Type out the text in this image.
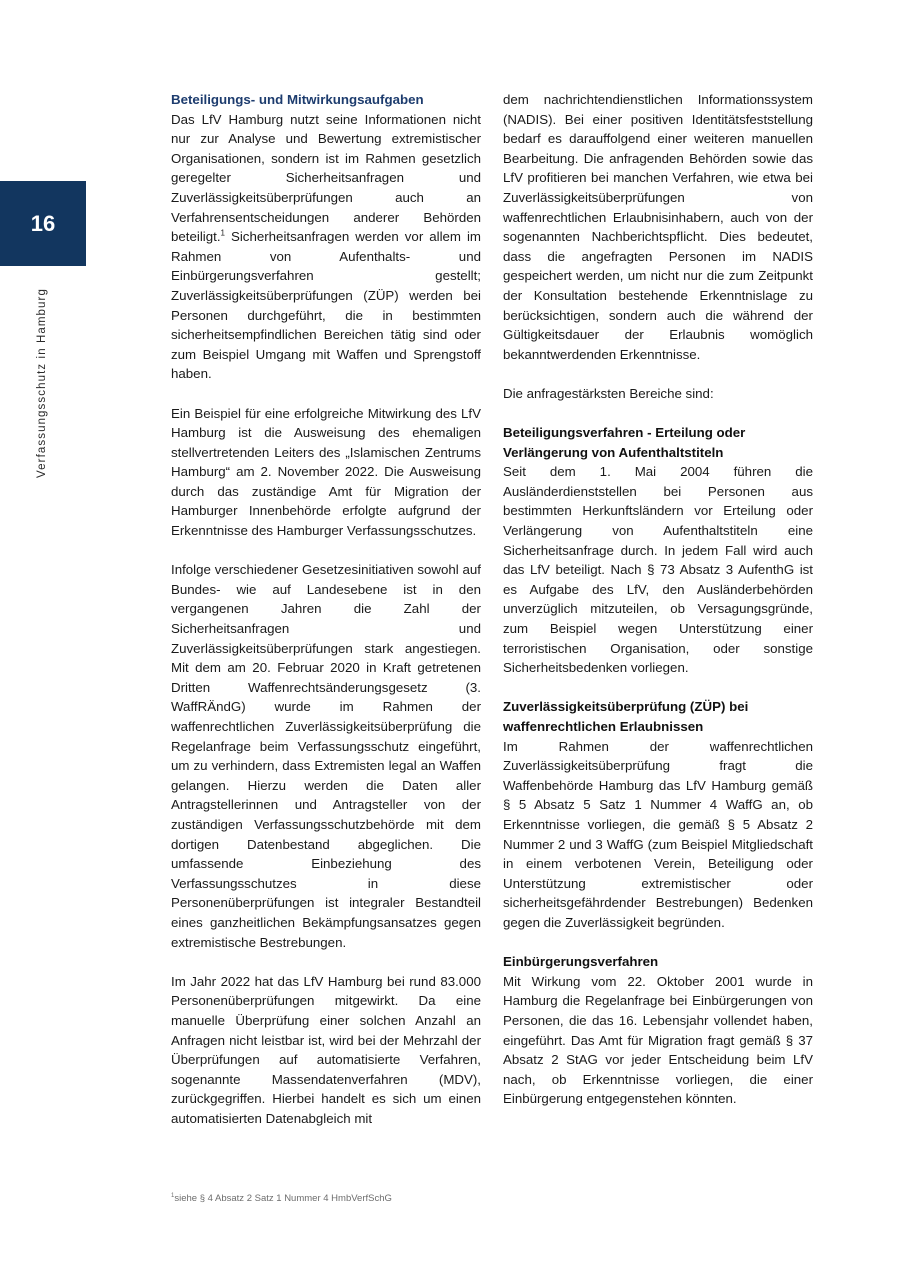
16
Verfassungsschutz in Hamburg
Beteiligungs- und Mitwirkungsaufgaben

Das LfV Hamburg nutzt seine Informationen nicht nur zur Analyse und Bewertung extremistischer Organisationen, sondern ist im Rahmen gesetzlich geregelter Sicherheitsanfragen und Zuverlässigkeitsüberprüfungen auch an Verfahrensentscheidungen anderer Behörden beteiligt.$^1$ Sicherheitsanfragen werden vor allem im Rahmen von Aufenthalts- und Einbürgerungsverfahren gestellt; Zuverlässigkeitsüberprüfungen (ZÜP) werden bei Personen durchgeführt, die in bestimmten sicherheitsempfindlichen Bereichen tätig sind oder zum Beispiel Umgang mit Waffen und Sprengstoff haben.

Ein Beispiel für eine erfolgreiche Mitwirkung des LfV Hamburg ist die Ausweisung des ehemaligen stellvertretenden Leiters des „Islamischen Zentrums Hamburg“ am 2. November 2022. Die Ausweisung durch das zuständige Amt für Migration der Hamburger Innenbehörde erfolgte aufgrund der Erkenntnisse des Hamburger Verfassungsschutzes.

Infolge verschiedener Gesetzesinitiativen sowohl auf Bundes- wie auf Landesebene ist in den vergangenen Jahren die Zahl der Sicherheitsanfragen und Zuverlässigkeitsüberprüfungen stark angestiegen. Mit dem am 20. Februar 2020 in Kraft getretenen Dritten Waffenrechtsänderungsgesetz (3. WaffRÄndG) wurde im Rahmen der waffenrechtlichen Zuverlässigkeitsüberprüfung die Regelanfrage beim Verfassungsschutz eingeführt, um zu verhindern, dass Extremisten legal an Waffen gelangen. Hierzu werden die Daten aller Antragstellerinnen und Antragsteller von der zuständigen Verfassungsschutzbehörde mit dem dortigen Datenbestand abgeglichen. Die umfassende Einbeziehung des Verfassungsschutzes in diese Personenüberprüfungen ist integraler Bestandteil eines ganzheitlichen Bekämpfungsansatzes gegen extremistische Bestrebungen.

Im Jahr 2022 hat das LfV Hamburg bei rund 83.000 Personenüberprüfungen mitgewirkt. Da eine manuelle Überprüfung einer solchen Anzahl an Anfragen nicht leistbar ist, wird bei der Mehrzahl der Überprüfungen auf automatisierte Verfahren, sogenannte Massendatenverfahren (MDV), zurückgegriffen. Hierbei handelt es sich um einen automatisierten Datenabgleich mit

dem nachrichtendienstlichen Informationssystem (NADIS). Bei einer positiven Identitätsfeststellung bedarf es darauffolgend einer weiteren manuellen Bearbeitung. Die anfragenden Behörden sowie das LfV profitieren bei manchen Verfahren, wie etwa bei Zuverlässigkeitsüberprüfungen von waffenrechtlichen Erlaubnisinhabern, auch von der sogenannten Nachberichtspflicht. Dies bedeutet, dass die angefragten Personen im NADIS gespeichert werden, um nicht nur die zum Zeitpunkt der Konsultation bestehende Erkenntnislage zu berücksichtigen, sondern auch die während der Gültigkeitsdauer der Erlaubnis womöglich bekanntwerdenden Erkenntnisse.

Die anfragestärksten Bereiche sind:

Beteiligungsverfahren - Erteilung oder Verlängerung von Aufenthaltstiteln

Seit dem 1. Mai 2004 führen die Ausländerdienststellen bei Personen aus bestimmten Herkunftsländern vor Erteilung oder Verlängerung von Aufenthaltstiteln eine Sicherheitsanfrage durch. In jedem Fall wird auch das LfV beteiligt. Nach § 73 Absatz 3 AufenthG ist es Aufgabe des LfV, den Ausländerbehörden unverzüglich mitzuteilen, ob Versagungsgründe, zum Beispiel wegen Unterstützung einer terroristischen Organisation, oder sonstige Sicherheitsbedenken vorliegen.

Zuverlässigkeitsüberprüfung (ZÜP) bei waffenrechtlichen Erlaubnissen

Im Rahmen der waffenrechtlichen Zuverlässigkeitsüberprüfung fragt die Waffenbehörde Hamburg das LfV Hamburg gemäß § 5 Absatz 5 Satz 1 Nummer 4 WaffG an, ob Erkenntnisse vorliegen, die gemäß § 5 Absatz 2 Nummer 2 und 3 WaffG (zum Beispiel Mitgliedschaft in einem verbotenen Verein, Beteiligung oder Unterstützung extremistischer oder sicherheitsgefährdender Bestrebungen) Bedenken gegen die Zuverlässigkeit begründen.

Einbürgerungsverfahren

Mit Wirkung vom 22. Oktober 2001 wurde in Hamburg die Regelanfrage bei Einbürgerungen von Personen, die das 16. Lebensjahr vollendet haben, eingeführt. Das Amt für Migration fragt gemäß § 37 Absatz 2 StAG vor jeder Entscheidung beim LfV nach, ob Erkenntnisse vorliegen, die einer Einbürgerung entgegenstehen könnten.

$^1$siehe § 4 Absatz 2 Satz 1 Nummer 4 HmbVerfSchG
